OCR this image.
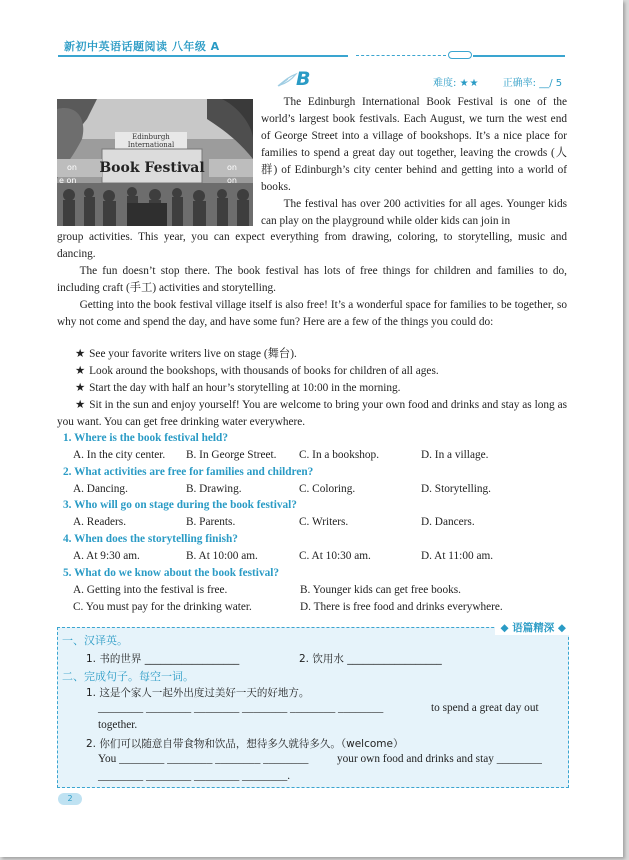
新初中英语话题阅读 八年级 A
B	难度: ★★ 正确率: __/ 5
Edinburgh
International
Book Festival
on
e on
on
on

The Edinburgh International Book Festival is one of the world’s largest book festivals. Each August, we turn the west end of George Street into a village of bookshops. It’s a nice place for families to spend a great day out together, leaving the crowds (人群) of Edinburgh’s city center behind and getting into a world of books.

The festival has over 200 activities for all ages. Younger kids can play on the playground while older kids can join in

group activities. This year, you can expect everything from drawing, coloring, to storytelling, music and dancing.

The fun doesn’t stop there. The book festival has lots of free things for children and families to do, including craft (手工) activities and storytelling.

Getting into the book festival village itself is also free! It’s a wonderful space for families to be together, so why not come and spend the day, and have some fun? Here are a few of the things you could do:

★ See your favorite writers live on stage (舞台).
★ Look around the bookshops, with thousands of books for children of all ages.
★ Start the day with half an hour’s storytelling at 10:00 in the morning.
★ Sit in the sun and enjoy yourself! You are welcome to bring your own food and drinks and stay as long as you want. You can get free drinking water everywhere.
1. Where is the book festival held?
A. In the city center.	B. In George Street.	C. In a bookshop.	D. In a village.
2. What activities are free for families and children?
A. Dancing.	B. Drawing.	C. Coloring.	D. Storytelling.
3. Who will go on stage during the book festival?
A. Readers.	B. Parents.	C. Writers.	D. Dancers.
4. When does the storytelling finish?
A. At 9:30 am.	B. At 10:00 am.	C. At 10:30 am.	D. At 11:00 am.
5. What do we know about the book festival?
A. Getting into the festival is free.	B. Younger kids can get free books.
C. You must pay for the drinking water.	D. There is free food and drinks everywhere.
◆ 语篇精深 ◆
一、汉译英。
1. 书的世界 __________________	2. 饮用水 __________________
二、完成句子。每空一词。
1. 这是个家人一起外出度过美好一天的好地方。
________ ________ ________ ________ ________ ________	to spend a great day out
together.
2. 你们可以随意自带食物和饮品，想待多久就待多久。（welcome）
You ________ ________ ________ ________	your own food and drinks and stay ________
________ ________ ________ ________.
2
